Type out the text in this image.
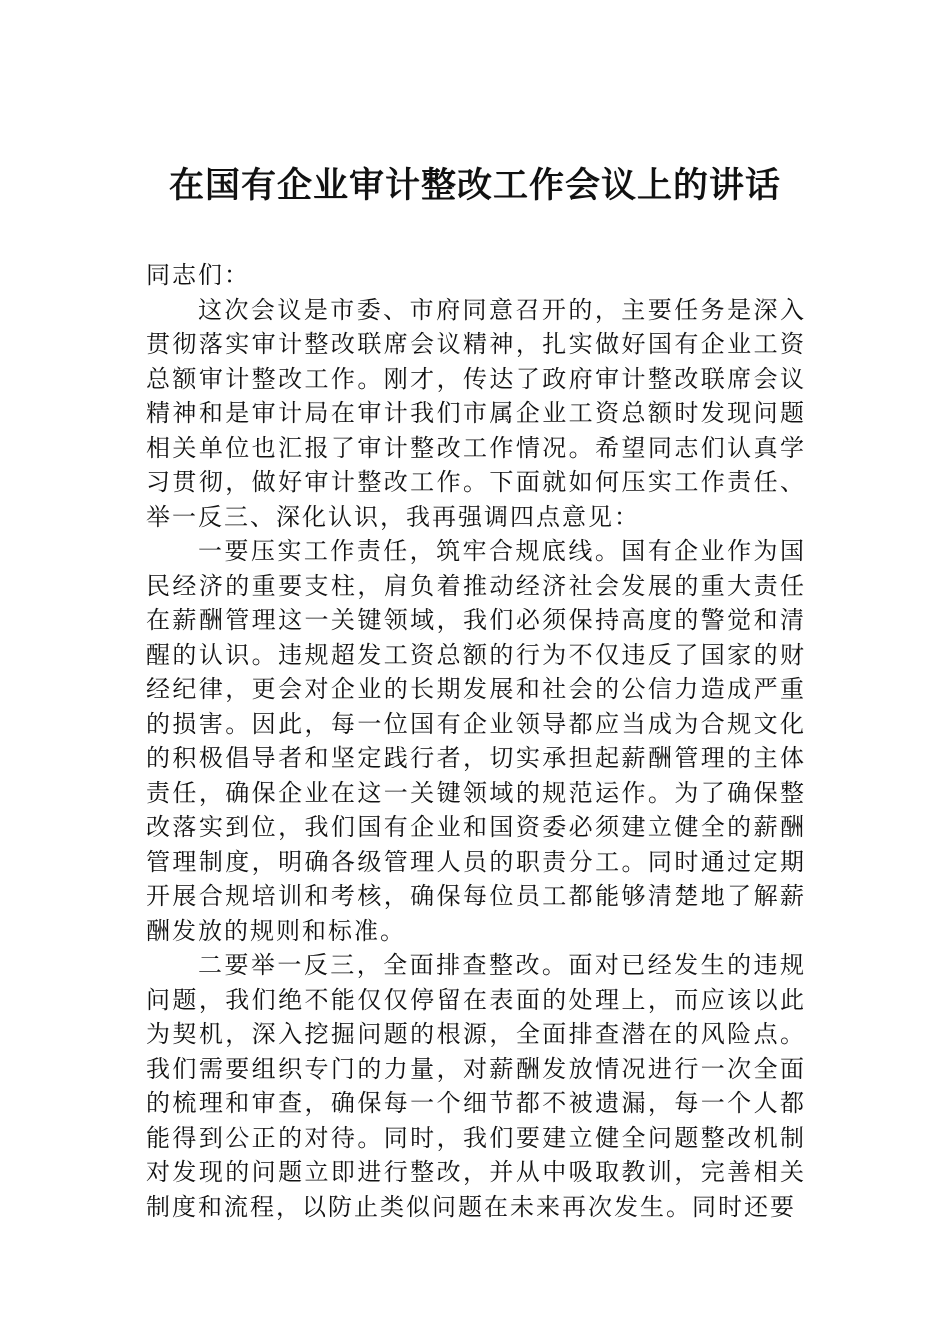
在国有企业审计整改工作会议上的讲话

同志们：

这次会议是市委、市府同意召开的，主要任务是深入贯彻落实审计整改联席会议精神，扎实做好国有企业工资总额审计整改工作。刚才，传达了政府审计整改联席会议精神和是审计局在审计我们市属企业工资总额时发现问题相关单位也汇报了审计整改工作情况。希望同志们认真学习贯彻，做好审计整改工作。下面就如何压实工作责任、举一反三、深化认识，我再强调四点意见：

一要压实工作责任，筑牢合规底线。国有企业作为国民经济的重要支柱，肩负着推动经济社会发展的重大责任在薪酬管理这一关键领域，我们必须保持高度的警觉和清醒的认识。违规超发工资总额的行为不仅违反了国家的财经纪律，更会对企业的长期发展和社会的公信力造成严重的损害。因此，每一位国有企业领导都应当成为合规文化的积极倡导者和坚定践行者，切实承担起薪酬管理的主体责任，确保企业在这一关键领域的规范运作。为了确保整改落实到位，我们国有企业和国资委必须建立健全的薪酬管理制度，明确各级管理人员的职责分工。同时通过定期开展合规培训和考核，确保每位员工都能够清楚地了解薪酬发放的规则和标准。

二要举一反三，全面排查整改。面对已经发生的违规问题，我们绝不能仅仅停留在表面的处理上，而应该以此为契机，深入挖掘问题的根源，全面排查潜在的风险点。我们需要组织专门的力量，对薪酬发放情况进行一次全面的梳理和审查，确保每一个细节都不被遗漏，每一个人都能得到公正的对待。同时，我们要建立健全问题整改机制对发现的问题立即进行整改，并从中吸取教训，完善相关制度和流程，以防止类似问题在未来再次发生。同时还要
